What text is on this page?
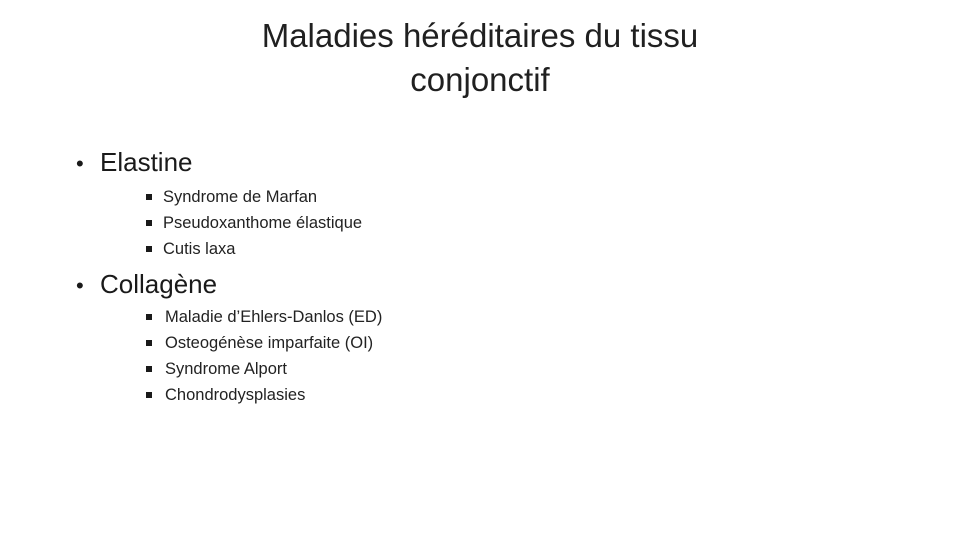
Maladies héréditaires du tissu
conjonctif
• Elastine
Syndrome de Marfan
Pseudoxanthome élastique
Cutis laxa
• Collagène
Maladie d’Ehlers-Danlos (ED)
Osteogénèse imparfaite (OI)
Syndrome Alport
Chondrodysplasies
